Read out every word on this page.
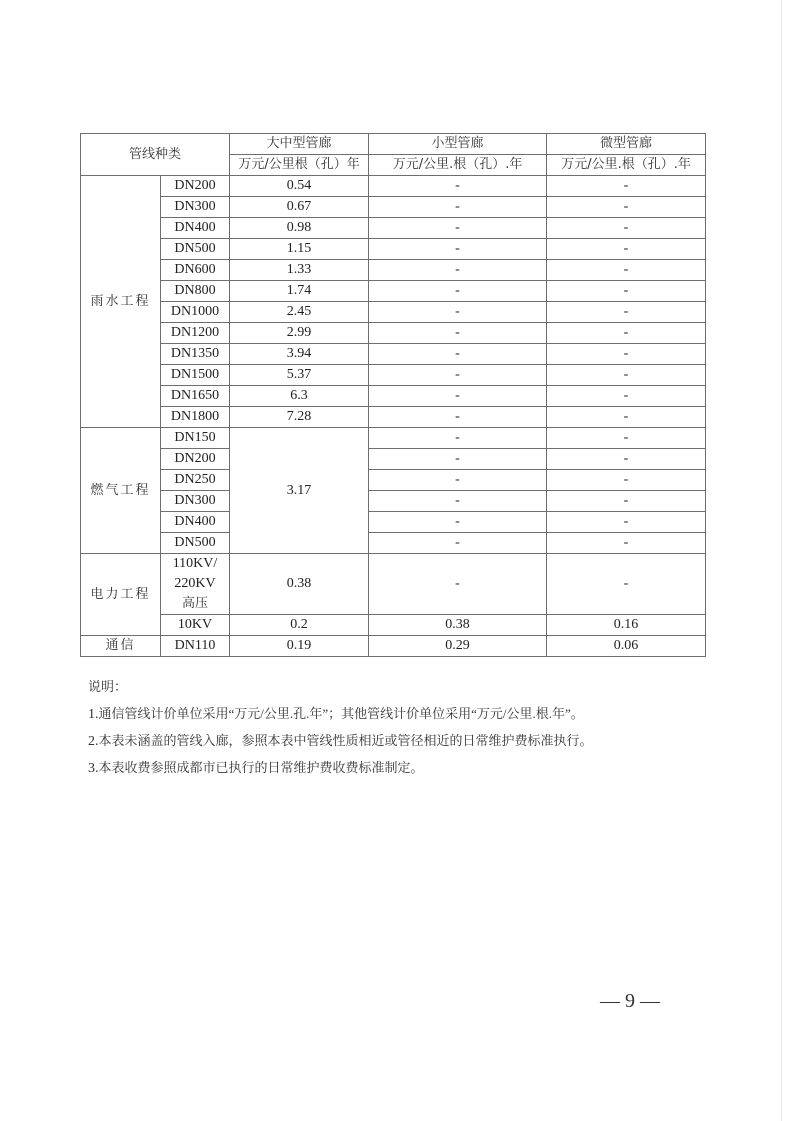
管线种类		大中型管廊	小型管廊	微型管廊
		万元/公里根（孔）年	万元/公里.根（孔）.年	万元/公里.根（孔）.年
雨水工程	DN200	0.54	-	-
	DN300	0.67	-	-
	DN400	0.98	-	-
	DN500	1.15	-	-
	DN600	1.33	-	-
	DN800	1.74	-	-
	DN1000	2.45	-	-
	DN1200	2.99	-	-
	DN1350	3.94	-	-
	DN1500	5.37	-	-
	DN1650	6.3	-	-
	DN1800	7.28	-	-
燃气工程	DN150	3.17	-	-
	DN200		-	-
	DN250		-	-
	DN300		-	-
	DN400		-	-
	DN500		-	-
电力工程	110KV/
220KV
高压	0.38	-	-
	10KV	0.2	0.38	0.16
通信	DN110	0.19	0.29	0.06
说明：
1.通信管线计价单位采用“万元/公里.孔.年”；其他管线计价单位采用“万元/公里.根.年”。
2.本表未涵盖的管线入廊，参照本表中管线性质相近或管径相近的日常维护费标准执行。
3.本表收费参照成都市已执行的日常维护费收费标准制定。
— 9 —
